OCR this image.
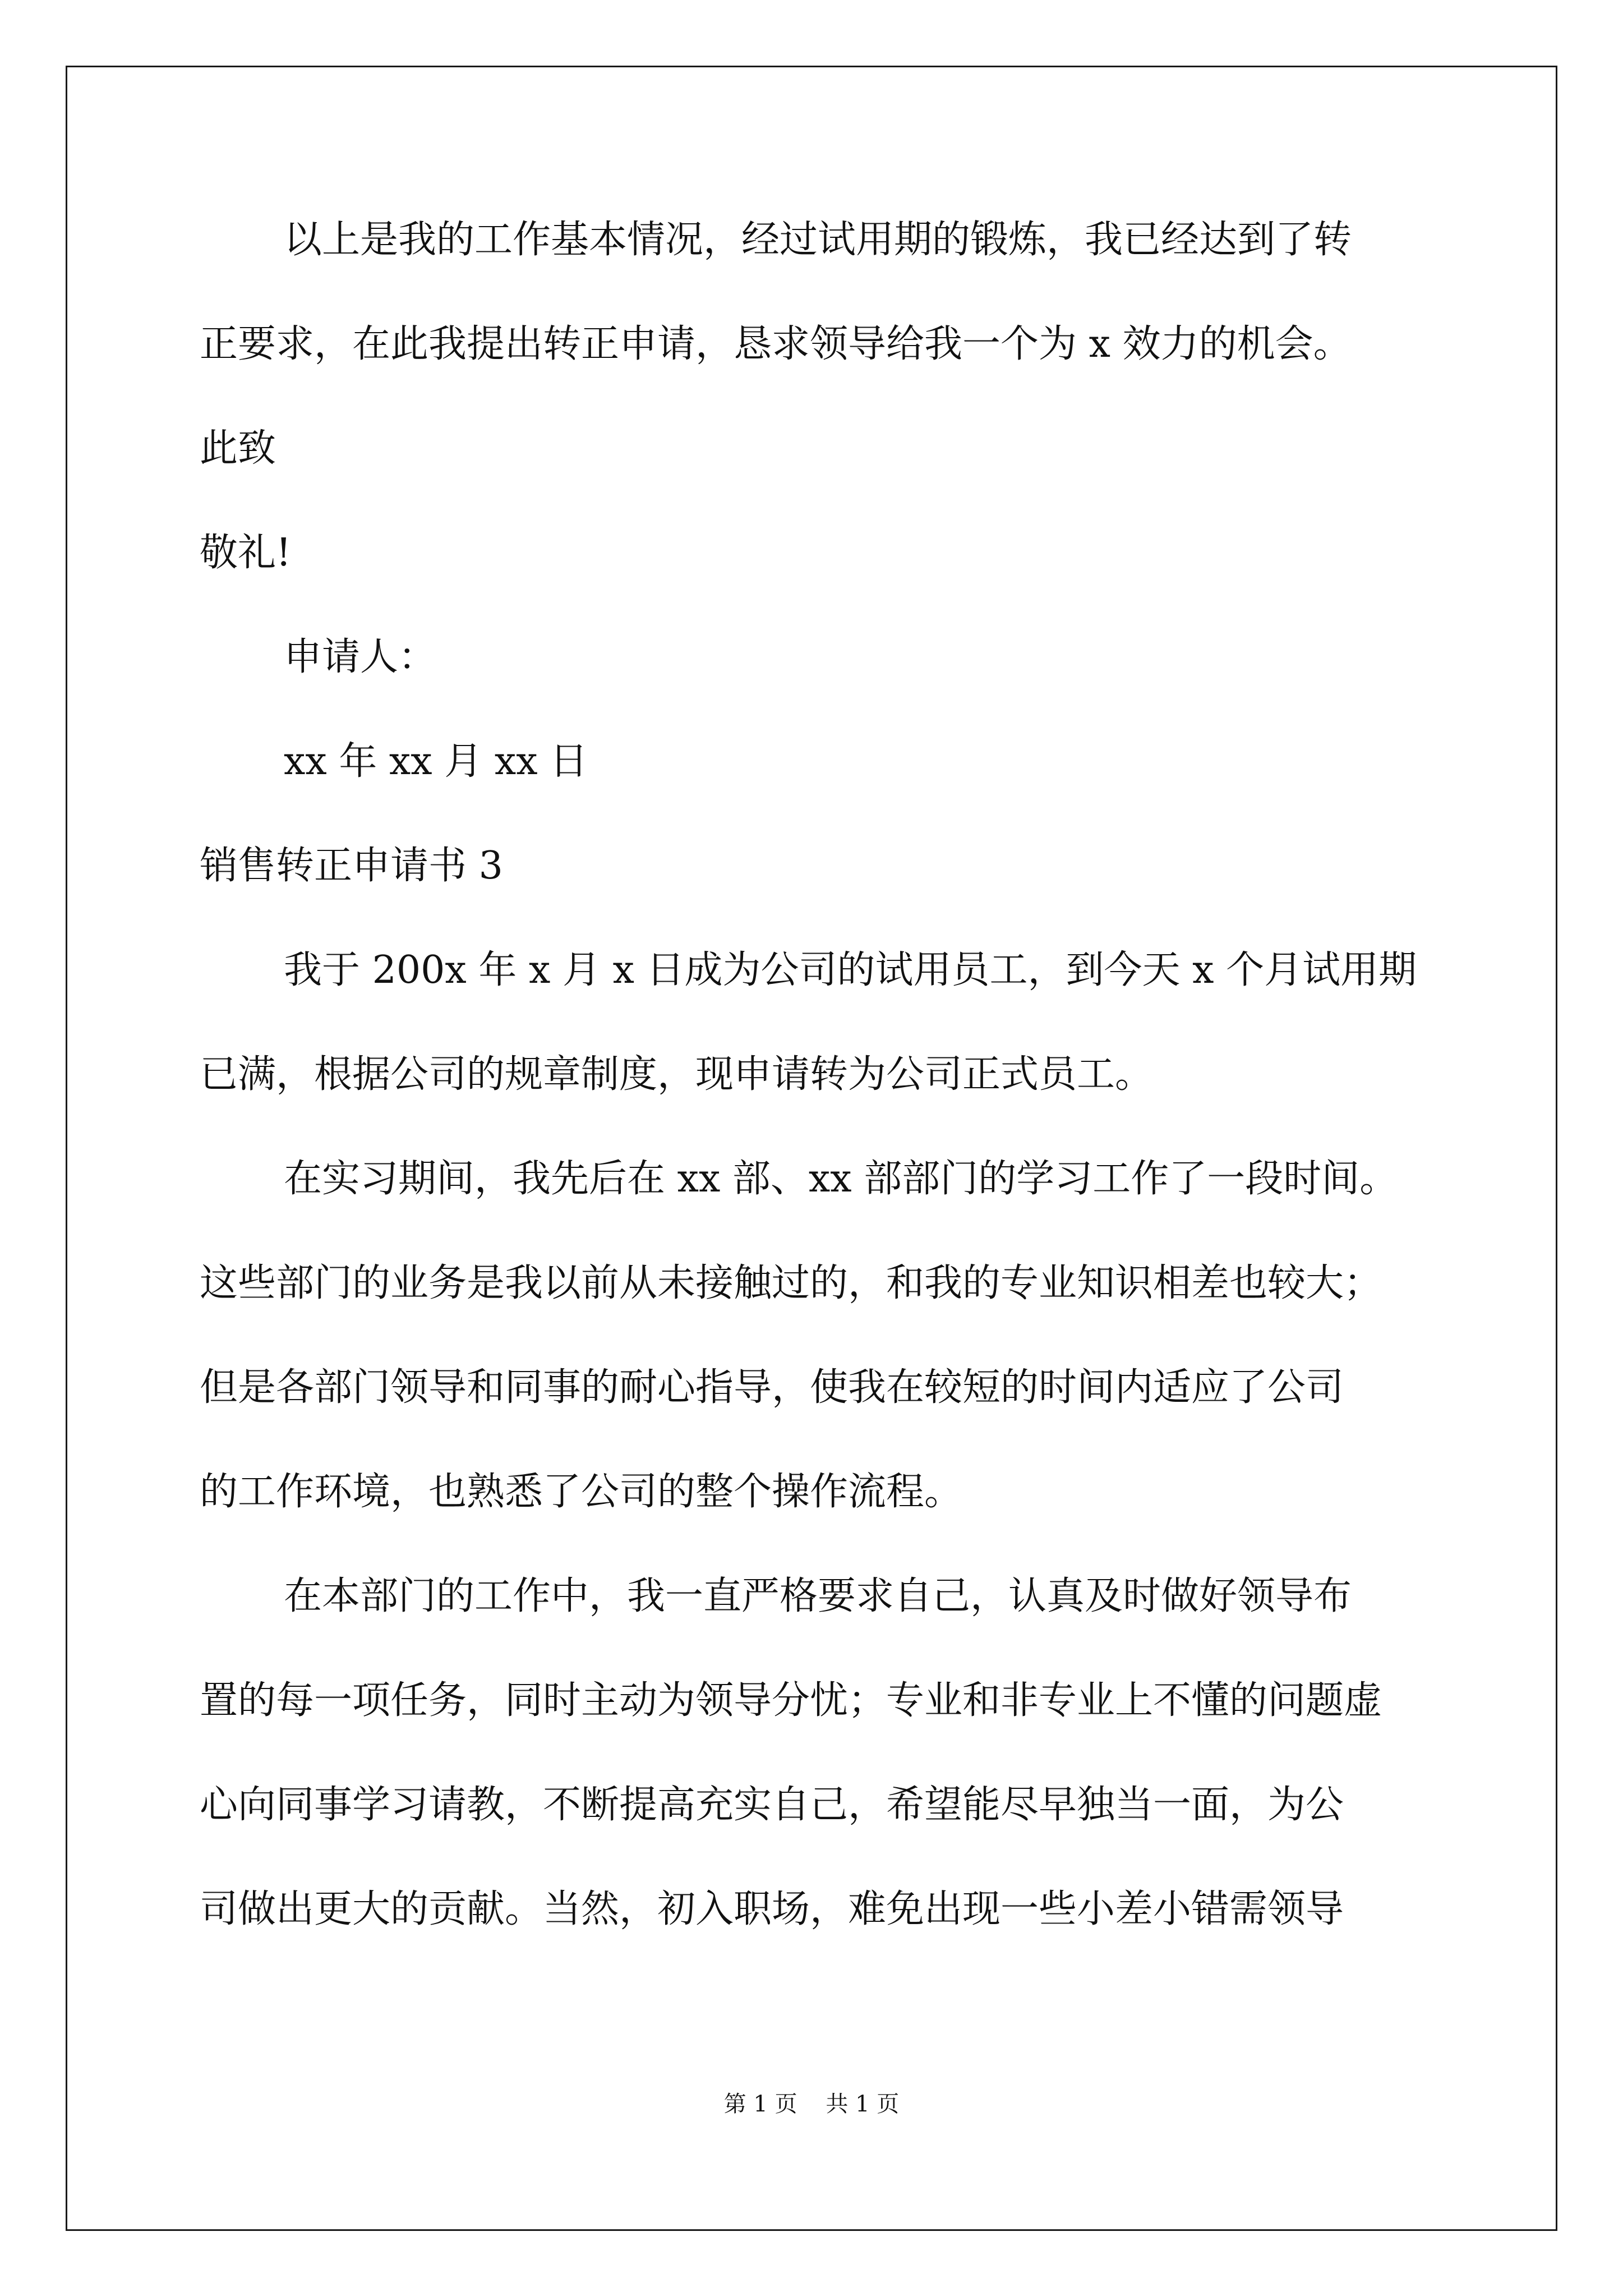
以上是我的工作基本情况，经过试用期的锻炼，我已经达到了转
正要求，在此我提出转正申请，恳求领导给我一个为 x 效力的机会。
此致
敬礼!
申请人：
xx 年 xx 月 xx 日
销售转正申请书 3
我于 200x 年 x 月 x 日成为公司的试用员工，到今天 x 个月试用期
已满，根据公司的规章制度，现申请转为公司正式员工。
在实习期间，我先后在 xx 部、xx 部部门的学习工作了一段时间。
这些部门的业务是我以前从未接触过的，和我的专业知识相差也较大；
但是各部门领导和同事的耐心指导，使我在较短的时间内适应了公司
的工作环境，也熟悉了公司的整个操作流程。
在本部门的工作中，我一直严格要求自己，认真及时做好领导布
置的每一项任务，同时主动为领导分忧；专业和非专业上不懂的问题虚
心向同事学习请教，不断提高充实自己，希望能尽早独当一面，为公
司做出更大的贡献。当然，初入职场，难免出现一些小差小错需领导
第 1 页    共 1 页
